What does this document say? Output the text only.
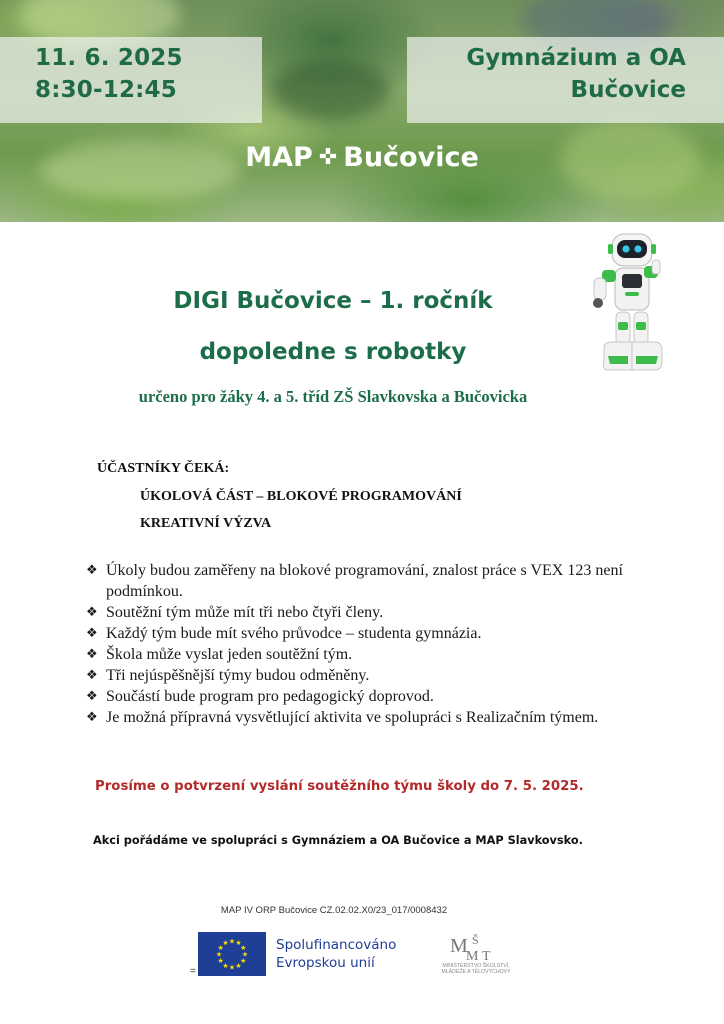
11. 6. 2025
8:30-12:45
Gymnázium a OA
Bučovice
MAP ✜ Bučovice
DIGI Bučovice – 1. ročník
dopoledne s robotky
určeno pro žáky 4. a 5. tříd ZŠ Slavkovska a Bučovicka
ÚČASTNÍKY ČEKÁ:
ÚKOLOVÁ ČÁST – BLOKOVÉ PROGRAMOVÁNÍ
KREATIVNÍ VÝZVA
❖ Úkoly budou zaměřeny na blokové programování, znalost práce s VEX 123 není podmínkou.
❖ Soutěžní tým může mít tři nebo čtyři členy.
❖ Každý tým bude mít svého průvodce – studenta gymnázia.
❖ Škola může vyslat jeden soutěžní tým.
❖ Tři nejúspěšnější týmy budou odměněny.
❖ Součástí bude program pro pedagogický doprovod.
❖ Je možná přípravná vysvětlující aktivita ve spolupráci s Realizačním týmem.
Prosíme o potvrzení vyslání soutěžního týmu školy do 7. 5. 2025.
Akci pořádáme ve spolupráci s Gymnáziem a OA Bučovice a MAP Slavkovsko.
MAP IV ORP Bučovice CZ.02.02.X0/23_017/0008432
=
★ ★
★
★
★
★
★
★
★
★
★
★	Spolufinancováno
Evropskou unií
M Š
M T
MINISTERSTVO ŠKOLSTVÍ,
MLÁDEŽE A TĚLOVÝCHOVY
